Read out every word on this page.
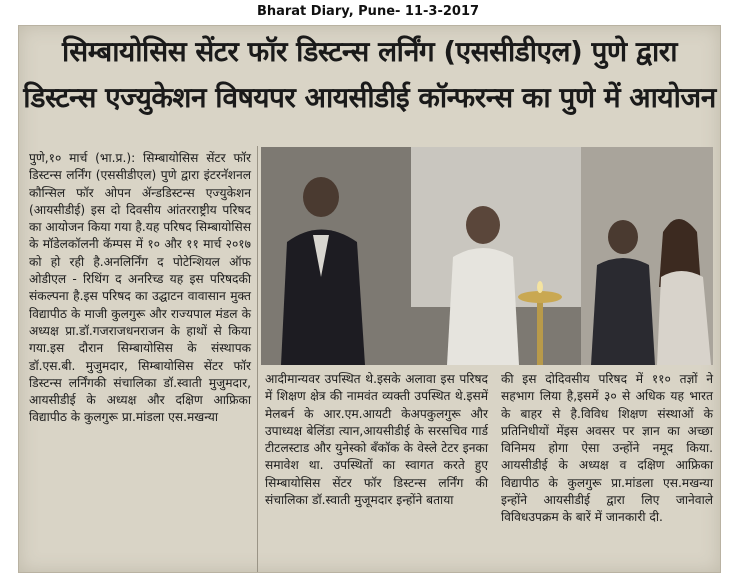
Bharat Diary, Pune- 11-3-2017
सिम्बायोसिस सेंटर फॉर डिस्टन्स लर्निंग (एससीडीएल) पुणे द्वारा
डिस्टन्स एज्युकेशन विषयपर आयसीडीई कॉन्फरन्स का पुणे में आयोजन

पुणे,१० मार्च (भा.प्र.): सिम्बायोसिस सेंटर फॉर डिस्टन्स लर्निंग (एससीडीएल) पुणे द्वारा इंटरनॅशनल कौन्सिल फॉर ओपन ॲन्डडिस्टन्स एज्युकेशन (आयसीडीई) इस दो दिवसीय आंतरराष्ट्रीय परिषद का आयोजन किया गया है.यह परिषद सिम्बायोसिस के मॉडेलकॉलनी कॅम्पस में १० और ११ मार्च २०१७ को हो रही है.अनलिर्निंग द पोटेन्शियल ऑफ ओडीएल - रिथिंग द अनरिच्ड यह इस परिषदकी संकल्पना है.इस परिषद का उद्घाटन वावासान मुक्त विद्यापीठ के माजी कुलगुरू और राज्यपाल मंडल के अध्यक्ष प्रा.डॉ.गजराजधनराजन के हाथों से किया गया.इस दौरान सिम्बायोसिस के संस्थापक डॉ.एस.बी. मुजुमदार, सिम्बायोसिस सेंटर फॉर डिस्टन्स लर्निंगकी संचालिका डॉ.स्वाती मुजुमदार, आयसीडीई के अध्यक्ष और दक्षिण आफ्रिका विद्यापीठ के कुलगुरू प्रा.मांडला एस.मखन्या

आदीमान्यवर उपस्थित थे.इसके अलावा इस परिषद में शिक्षण क्षेत्र की नामवंत व्यक्ती उपस्थित थे.इसमें मेलबर्न के आर.एम.आयटी केअपकुलगुरू और उपाध्यक्ष बेलिंडा त्यान,आयसीडीई के सरसचिव गार्ड टीटलस्टाड और युनेस्को बँकॉक के वेस्ले टेटर इनका समावेश था. उपस्थितों का स्वागत करते हुए सिम्बायोसिस सेंटर फॉर डिस्टन्स लर्निंग की संचालिका डॉ.स्वाती मुजूमदार इन्होंने बताया

की इस दोदिवसीय परिषद में ११० तज्ञों ने सहभाग लिया है,इसमें ३० से अधिक यह भारत के बाहर से है.विविध शिक्षण संस्थाओं के प्रतिनिधीयों मेंइस अवसर पर ज्ञान का अच्छा विनिमय होगा ऐसा उन्होंने नमूद किया. आयसीडीई के अध्यक्ष व दक्षिण आफ्रिका विद्यापीठ के कुलगुरू प्रा.मांडला एस.मखन्या इन्होंने आयसीडीई द्वारा लिए जानेवाले विविधउपक्रम के बारें में जानकारी दी.
